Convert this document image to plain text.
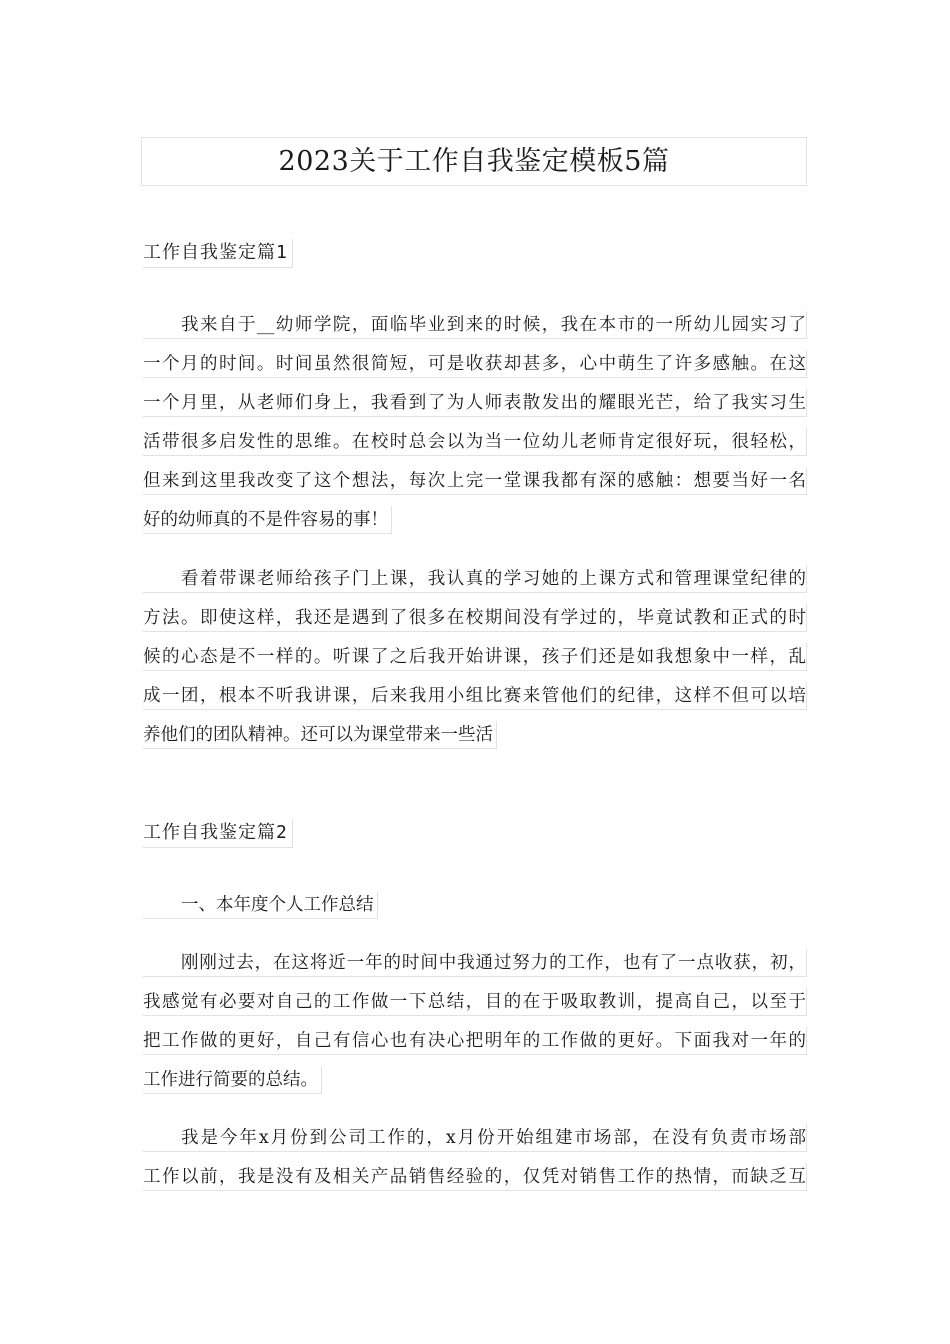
2023关于工作自我鉴定模板5篇
工作自我鉴定篇1
我来自于__幼师学院，面临毕业到来的时候，我在本市的一所幼儿园实习了
一个月的时间。时间虽然很简短，可是收获却甚多，心中萌生了许多感触。在这
一个月里，从老师们身上，我看到了为人师表散发出的耀眼光芒，给了我实习生
活带很多启发性的思维。在校时总会以为当一位幼儿老师肯定很好玩，很轻松，
但来到这里我改变了这个想法，每次上完一堂课我都有深的感触：想要当好一名
好的幼师真的不是件容易的事！
看着带课老师给孩子门上课，我认真的学习她的上课方式和管理课堂纪律的
方法。即使这样，我还是遇到了很多在校期间没有学过的，毕竟试教和正式的时
候的心态是不一样的。听课了之后我开始讲课，孩子们还是如我想象中一样，乱
成一团，根本不听我讲课，后来我用小组比赛来管他们的纪律，这样不但可以培
养他们的团队精神。还可以为课堂带来一些活
工作自我鉴定篇2
一、本年度个人工作总结
刚刚过去，在这将近一年的时间中我通过努力的工作，也有了一点收获，初，
我感觉有必要对自己的工作做一下总结，目的在于吸取教训，提高自己，以至于
把工作做的更好，自己有信心也有决心把明年的工作做的更好。下面我对一年的
工作进行简要的总结。
我是今年x月份到公司工作的，x月份开始组建市场部，在没有负责市场部
工作以前，我是没有及相关产品销售经验的，仅凭对销售工作的热情，而缺乏互
